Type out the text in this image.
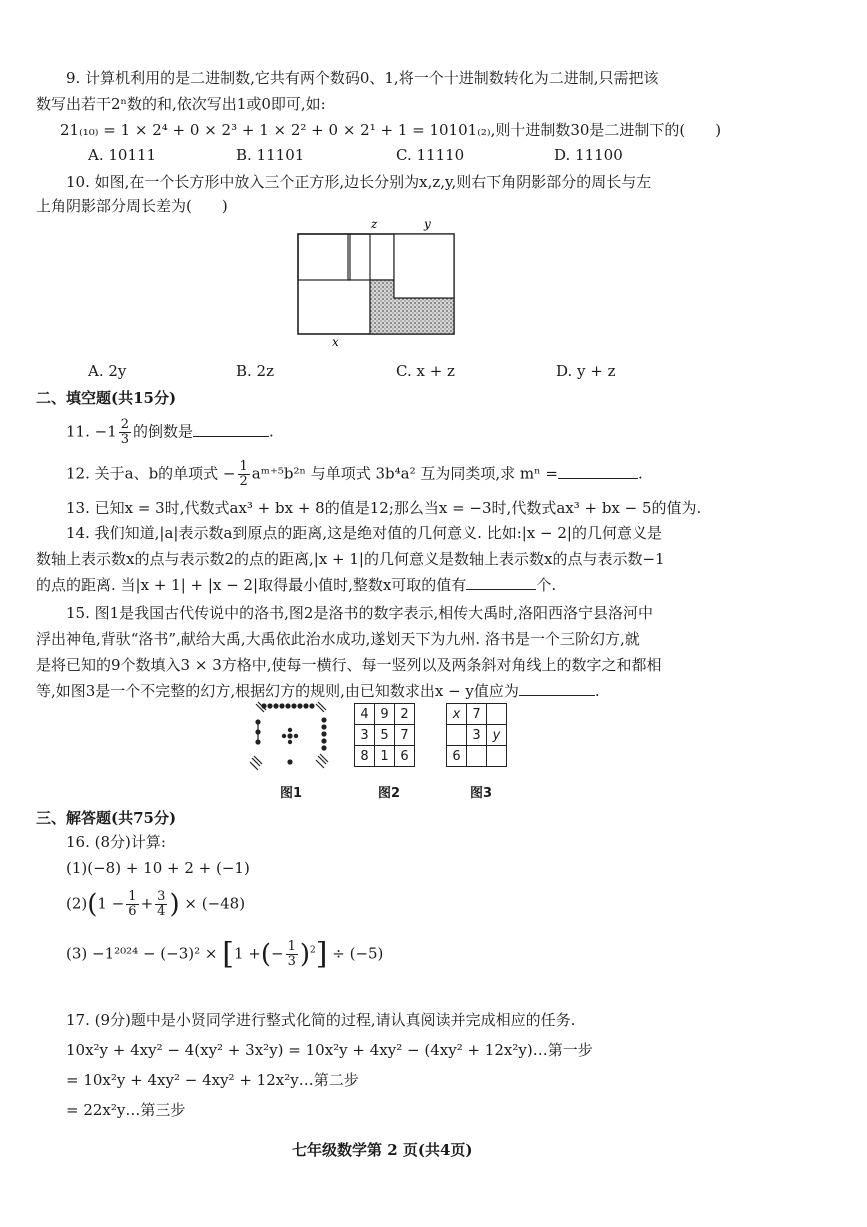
9. 计算机利用的是二进制数,它共有两个数码0、1,将一个十进制数转化为二进制,只需把该
数写出若干2ⁿ数的和,依次写出1或0即可,如:
21₍₁₀₎ = 1 × 2⁴ + 0 × 2³ + 1 × 2² + 0 × 2¹ + 1 = 10101₍₂₎,则十进制数30是二进制下的(　　)
A. 10111	B. 11101	C. 11110	D. 11100
10. 如图,在一个长方形中放入三个正方形,边长分别为x,z,y,则右下角阴影部分的周长与左
上角阴影部分周长差为(　　)
z	y
x
A. 2y	B. 2z	C. x + z	D. y + z
二、填空题(共15分)
11. $-1 \frac{2}{3}$ 的倒数是	.
12. 关于a、b的单项式 − $\frac{1}{2}$ aᵐ⁺⁵b²ⁿ 与单项式 3b⁴a² 互为同类项,求 mⁿ =	.
13. 已知x = 3时,代数式ax³ + bx + 8的值是12;那么当x = −3时,代数式ax³ + bx − 5的值为.
14. 我们知道,|a|表示数a到原点的距离,这是绝对值的几何意义. 比如:|x − 2|的几何意义是
数轴上表示数x的点与表示数2的点的距离,|x + 1|的几何意义是数轴上表示数x的点与表示数−1
的点的距离. 当|x + 1| + |x − 2|取得最小值时,整数x可取的值有	个.
15. 图1是我国古代传说中的洛书,图2是洛书的数字表示,相传大禹时,洛阳西洛宁县洛河中
浮出神龟,背驮“洛书”,献给大禹,大禹依此治水成功,遂划天下为九州. 洛书是一个三阶幻方,就
是将已知的9个数填入3 × 3方格中,使每一横行、每一竖列以及两条斜对角线上的数字之和都相
等,如图3是一个不完整的幻方,根据幻方的规则,由已知数求出x − y值应为	.
4	9	2
3	5	7
8	1	6
x	7	
	3	y
6		
图1	图2	图3
三、解答题(共75分)
16. (8分)计算:
(1)(−8) + 10 + 2 + (−1)
$(2)(1 - \frac{1}{6} + \frac{3}{4}$ ) × (−48)
(3) −1²⁰²⁴ − (−3)² × [1 +(− $\frac{1}{3} )^2] \div (-5)$
17. (9分)题中是小贤同学进行整式化简的过程,请认真阅读并完成相应的任务.
10x²y + 4xy² − 4(xy² + 3x²y) = 10x²y + 4xy² − (4xy² + 12x²y)…第一步
= 10x²y + 4xy² − 4xy² + 12x²y…第二步
= 22x²y…第三步
七年级数学第 2 页(共4页)
